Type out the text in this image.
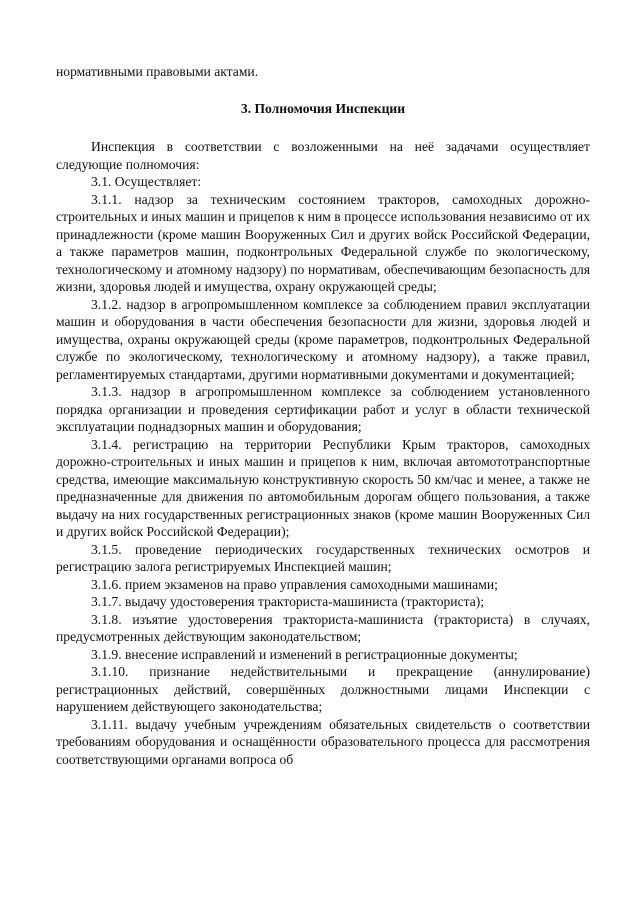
нормативными правовыми актами.

3. Полномочия Инспекции

Инспекция в соответствии с возложенными на неё задачами осуществляет следующие полномочия:

3.1. Осуществляет:

3.1.1. надзор за техническим состоянием тракторов, самоходных дорожно-строительных и иных машин и прицепов к ним в процессе использования независимо от их принадлежности (кроме машин Вооруженных Сил и других войск Российской Федерации, а также параметров машин, подконтрольных Федеральной службе по экологическому, технологическому и атомному надзору) по нормативам, обеспечивающим безопасность для жизни, здоровья людей и имущества, охрану окружающей среды;

3.1.2. надзор в агропромышленном комплексе за соблюдением правил эксплуатации машин и оборудования в части обеспечения безопасности для жизни, здоровья людей и имущества, охраны окружающей среды (кроме параметров, подконтрольных Федеральной службе по экологическому, технологическому и атомному надзору), а также правил, регламентируемых стандартами, другими нормативными документами и документацией;

3.1.3. надзор в агропромышленном комплексе за соблюдением установленного порядка организации и проведения сертификации работ и услуг в области технической эксплуатации поднадзорных машин и оборудования;

3.1.4. регистрацию на территории Республики Крым тракторов, самоходных дорожно-строительных и иных машин и прицепов к ним, включая автомототранспортные средства, имеющие максимальную конструктивную скорость 50 км/час и менее, а также не предназначенные для движения по автомобильным дорогам общего пользования, а также выдачу на них государственных регистрационных знаков (кроме машин Вооруженных Сил и других войск Российской Федерации);

3.1.5. проведение периодических государственных технических осмотров и регистрацию залога регистрируемых Инспекцией машин;

3.1.6. прием экзаменов на право управления самоходными машинами;

3.1.7. выдачу удостоверения тракториста-машиниста (тракториста);

3.1.8. изъятие удостоверения тракториста-машиниста (тракториста) в случаях, предусмотренных действующим законодательством;

3.1.9. внесение исправлений и изменений в регистрационные документы;

3.1.10. признание недействительными и прекращение (аннулирование) регистрационных действий, совершённых должностными лицами Инспекции с нарушением действующего законодательства;

3.1.11. выдачу учебным учреждениям обязательных свидетельств о соответствии требованиям оборудования и оснащённости образовательного процесса для рассмотрения соответствующими органами вопроса об
